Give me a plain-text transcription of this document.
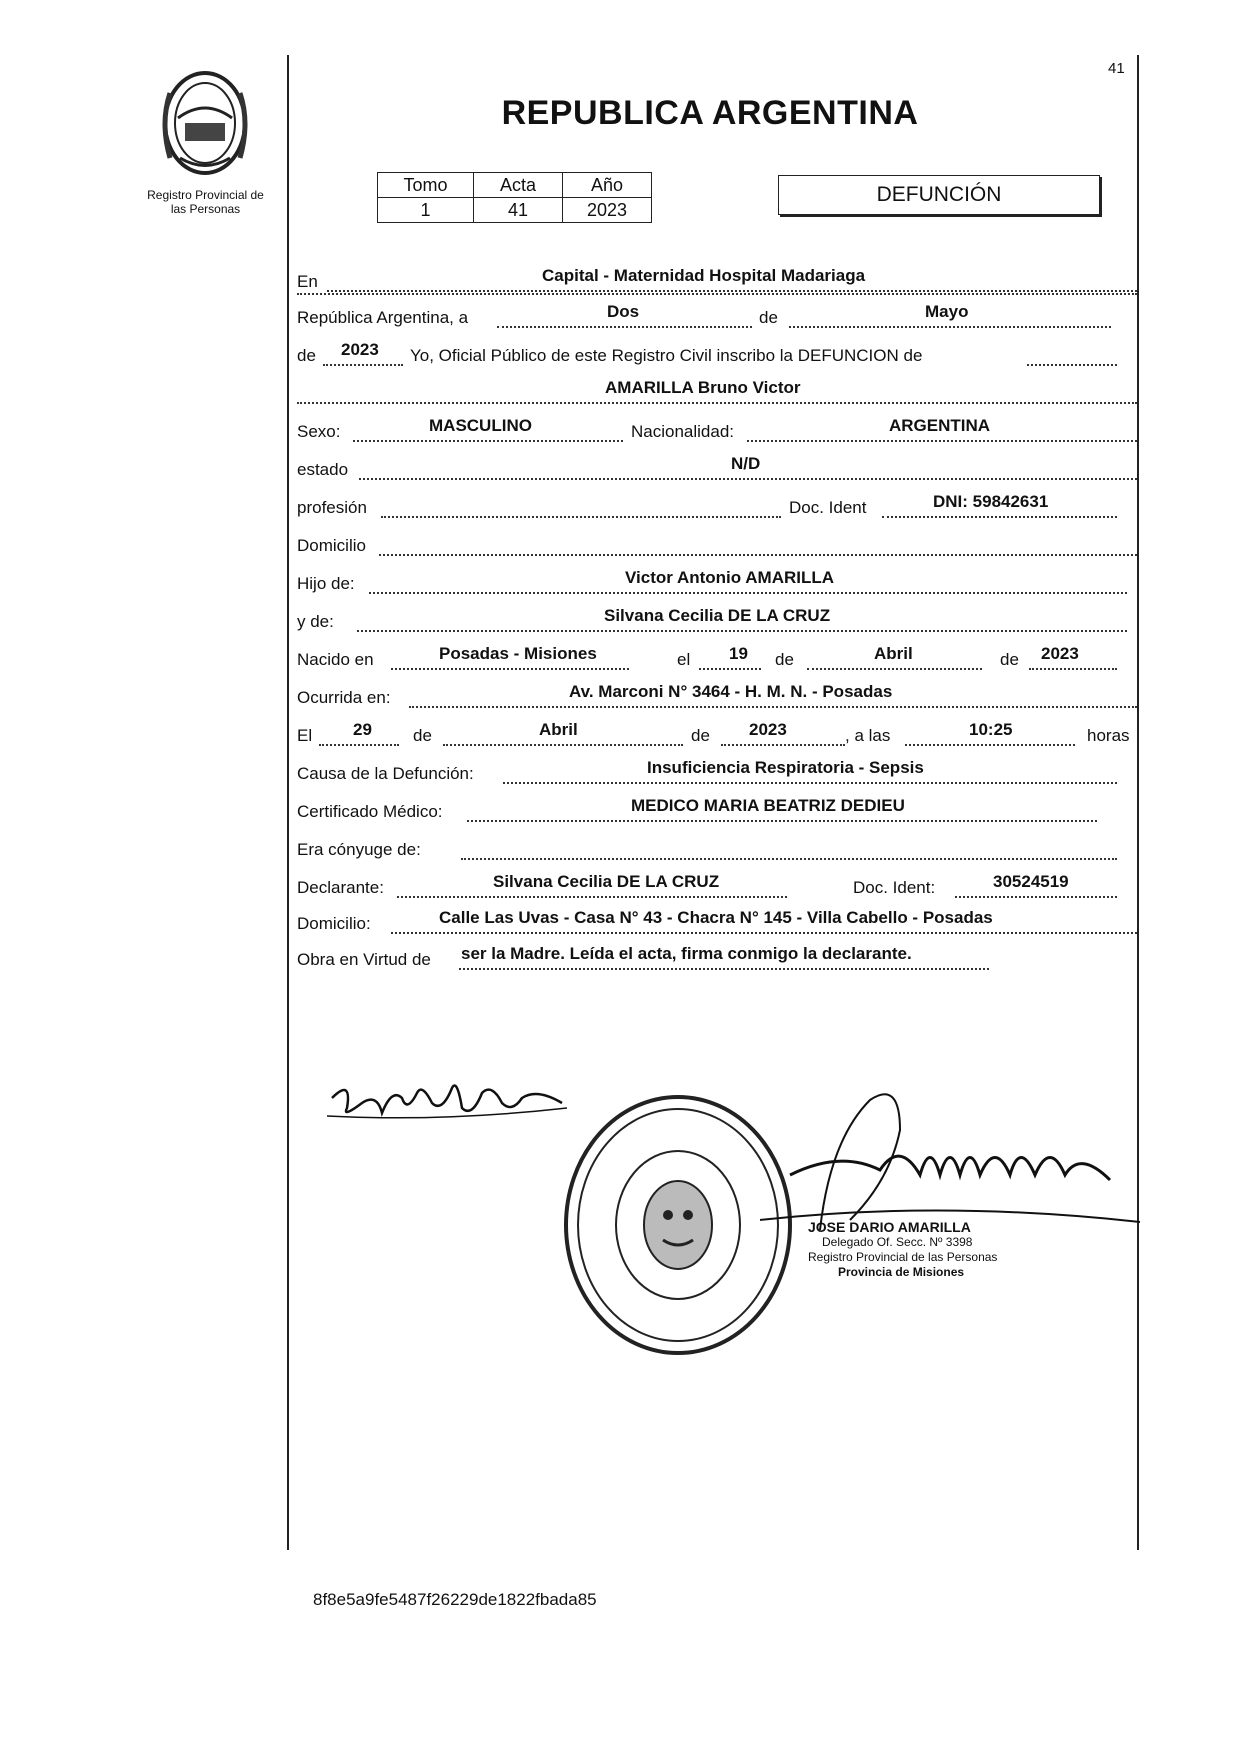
Registro Provincial de
las Personas
41
REPUBLICA ARGENTINA
Tomo	Acta	Año
1	41	2023
DEFUNCIÓN
En	Capital - Maternidad Hospital Madariaga
República Argentina, a	Dos	de	Mayo
de 2023 Yo, Oficial Público de este Registro Civil inscribo la DEFUNCION de
AMARILLA Bruno Victor
Sexo:	MASCULINO	Nacionalidad:	ARGENTINA
estado	N/D
profesión	Doc. Ident	DNI: 59842631
Domicilio
Hijo de:	Victor Antonio AMARILLA
y de:	Silvana Cecilia DE LA CRUZ
Nacido en	Posadas - Misiones	el 19 de	Abril	de 2023
Ocurrida en:	Av. Marconi N° 3464 - H. M. N. - Posadas
El 29 de	Abril	de 2023	, a las	10:25	horas
Causa de la Defunción:	Insuficiencia Respiratoria - Sepsis
Certificado Médico:	MEDICO MARIA BEATRIZ DEDIEU
Era cónyuge de:
Declarante:	Silvana Cecilia DE LA CRUZ	Doc. Ident:	30524519
Domicilio:	Calle Las Uvas - Casa N° 43 - Chacra N° 145 - Villa Cabello - Posadas
Obra en Virtud de ser la Madre. Leída el acta, firma conmigo la declarante.
JOSE DARIO AMARILLA
Delegado Of. Secc. Nº 3398
Registro Provincial de las Personas
Provincia de Misiones
8f8e5a9fe5487f26229de1822fbada85
